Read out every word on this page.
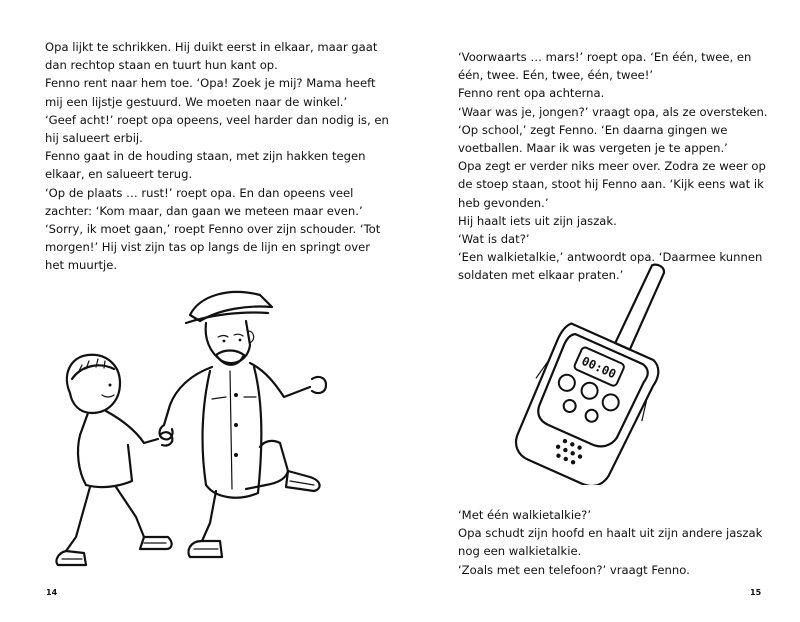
Opa lijkt te schrikken. Hij duikt eerst in elkaar, maar gaat dan rechtop staan en tuurt hun kant op.

Fenno rent naar hem toe. ‘Opa! Zoek je mij? Mama heeft mij een lijstje gestuurd. We moeten naar de winkel.’

‘Geef acht!’ roept opa opeens, veel harder dan nodig is, en hij salueert erbij.

Fenno gaat in de houding staan, met zijn hakken tegen elkaar, en salueert terug.

‘Op de plaats … rust!’ roept opa. En dan opeens veel zachter: ‘Kom maar, dan gaan we meteen maar even.’

‘Sorry, ik moet gaan,’ roept Fenno over zijn schouder. ‘Tot morgen!’ Hij vist zijn tas op langs de lijn en springt over het muurtje.

14

‘Voorwaarts … mars!’ roept opa. ‘En één, twee, en één, twee. Eén, twee, één, twee!’

Fenno rent opa achterna.

‘Waar was je, jongen?’ vraagt opa, als ze oversteken.

‘Op school,’ zegt Fenno. ‘En daarna gingen we voetballen. Maar ik was vergeten je te appen.’

Opa zegt er verder niks meer over. Zodra ze weer op de stoep staan, stoot hij Fenno aan. ‘Kijk eens wat ik heb gevonden.’

Hij haalt iets uit zijn jaszak.

‘Wat is dat?’

‘Een walkietalkie,’ antwoordt opa. ‘Daarmee kunnen soldaten met elkaar praten.’

00:00

‘Met één walkietalkie?’

Opa schudt zijn hoofd en haalt uit zijn andere jaszak nog een walkietalkie.

‘Zoals met een telefoon?’ vraagt Fenno.

15
